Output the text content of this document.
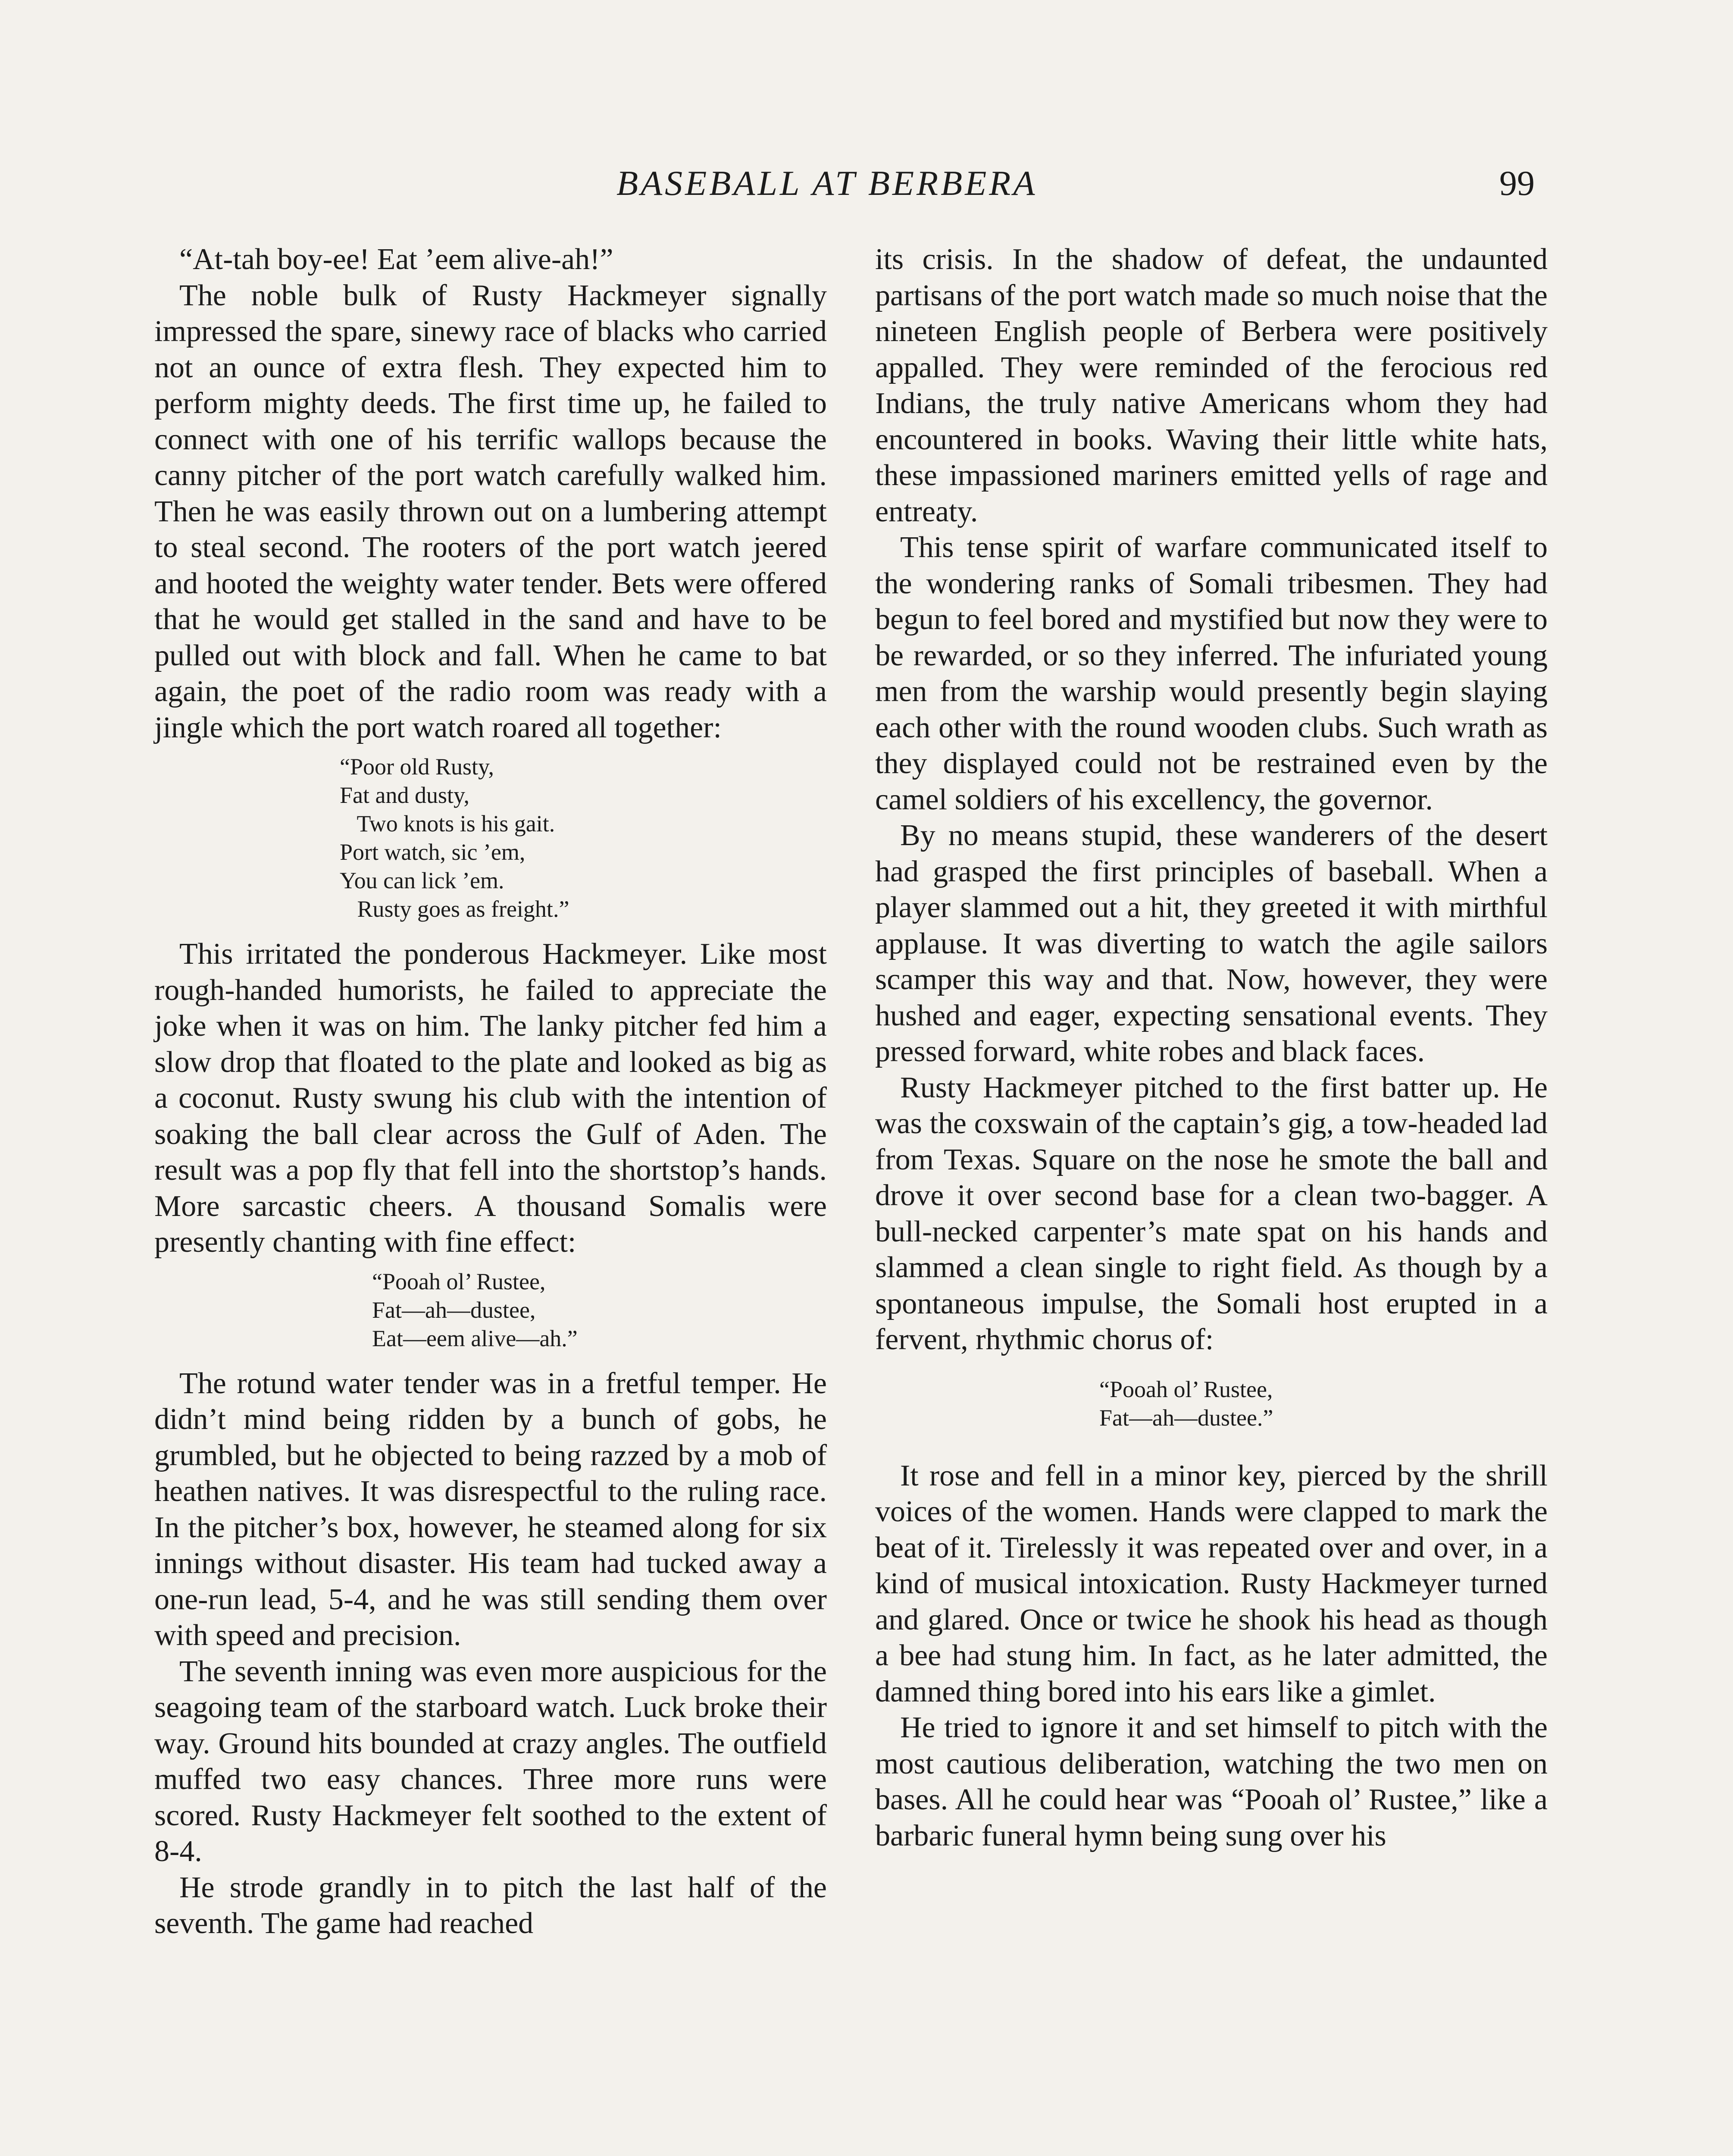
BASEBALL AT BERBERA	99

“At-tah boy-ee! Eat ’eem alive-ah!”

The noble bulk of Rusty Hackmeyer signally impressed the spare, sinewy race of blacks who carried not an ounce of extra flesh. They expected him to perform mighty deeds. The first time up, he failed to connect with one of his terrific wallops because the canny pitcher of the port watch carefully walked him. Then he was easily thrown out on a lumbering attempt to steal second. The rooters of the port watch jeered and hooted the weighty water tender. Bets were offered that he would get stalled in the sand and have to be pulled out with block and fall. When he came to bat again, the poet of the radio room was ready with a jingle which the port watch roared all together:

“Poor old Rusty,
Fat and dusty,
Two knots is his gait.
Port watch, sic ’em,
You can lick ’em.
Rusty goes as freight.”

This irritated the ponderous Hackmeyer. Like most rough-handed humorists, he failed to appreciate the joke when it was on him. The lanky pitcher fed him a slow drop that floated to the plate and looked as big as a coconut. Rusty swung his club with the intention of soaking the ball clear across the Gulf of Aden. The result was a pop fly that fell into the shortstop’s hands. More sarcastic cheers. A thousand Somalis were presently chanting with fine effect:

“Pooah ol’ Rustee,
Fat—ah—dustee,
Eat—eem alive—ah.”

The rotund water tender was in a fretful temper. He didn’t mind being ridden by a bunch of gobs, he grumbled, but he objected to being razzed by a mob of heathen natives. It was disrespectful to the ruling race. In the pitcher’s box, however, he steamed along for six innings without disaster. His team had tucked away a one-run lead, 5-4, and he was still sending them over with speed and precision.

The seventh inning was even more auspicious for the seagoing team of the starboard watch. Luck broke their way. Ground hits bounded at crazy angles. The outfield muffed two easy chances. Three more runs were scored. Rusty Hackmeyer felt soothed to the extent of 8-4.

He strode grandly in to pitch the last half of the seventh. The game had reached

its crisis. In the shadow of defeat, the undaunted partisans of the port watch made so much noise that the nineteen English people of Berbera were positively appalled. They were reminded of the ferocious red Indians, the truly native Americans whom they had encountered in books. Waving their little white hats, these impassioned mariners emitted yells of rage and entreaty.

This tense spirit of warfare communicated itself to the wondering ranks of Somali tribesmen. They had begun to feel bored and mystified but now they were to be rewarded, or so they inferred. The infuriated young men from the warship would presently begin slaying each other with the round wooden clubs. Such wrath as they displayed could not be restrained even by the camel soldiers of his excellency, the governor.

By no means stupid, these wanderers of the desert had grasped the first principles of baseball. When a player slammed out a hit, they greeted it with mirthful applause. It was diverting to watch the agile sailors scamper this way and that. Now, however, they were hushed and eager, expecting sensational events. They pressed forward, white robes and black faces.

Rusty Hackmeyer pitched to the first batter up. He was the coxswain of the captain’s gig, a tow-headed lad from Texas. Square on the nose he smote the ball and drove it over second base for a clean two-bagger. A bull-necked carpenter’s mate spat on his hands and slammed a clean single to right field. As though by a spontaneous impulse, the Somali host erupted in a fervent, rhythmic chorus of:

“Pooah ol’ Rustee,
Fat—ah—dustee.”

It rose and fell in a minor key, pierced by the shrill voices of the women. Hands were clapped to mark the beat of it. Tirelessly it was repeated over and over, in a kind of musical intoxication. Rusty Hackmeyer turned and glared. Once or twice he shook his head as though a bee had stung him. In fact, as he later admitted, the damned thing bored into his ears like a gimlet.

He tried to ignore it and set himself to pitch with the most cautious deliberation, watching the two men on bases. All he could hear was “Pooah ol’ Rustee,” like a barbaric funeral hymn being sung over his
